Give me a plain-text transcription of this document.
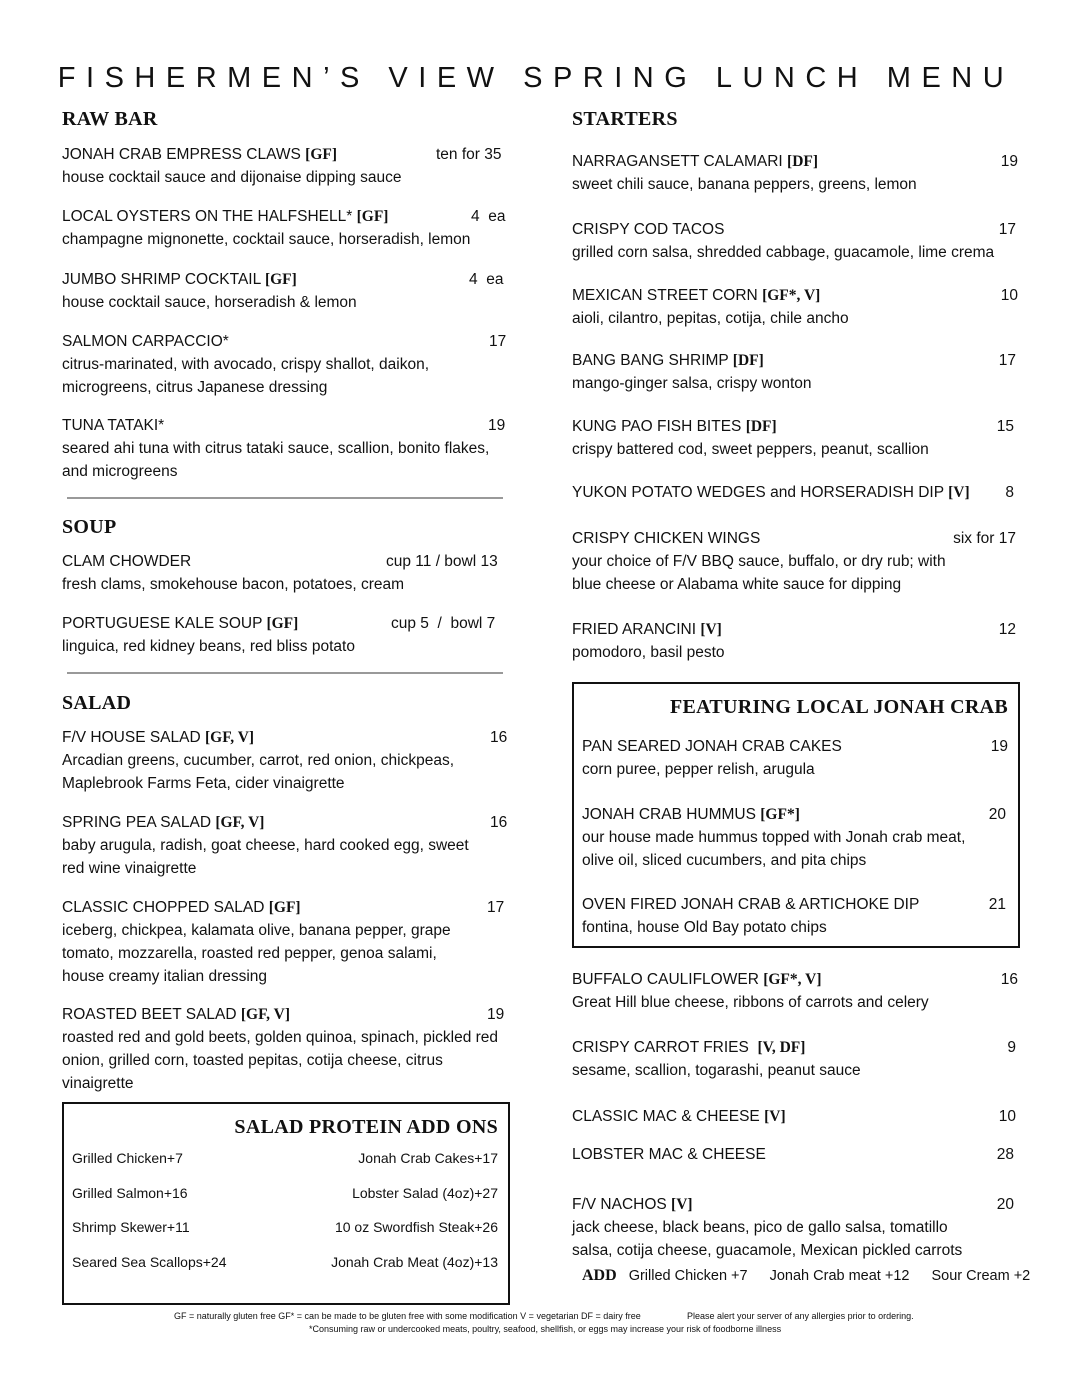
FISHERMEN’S VIEW SPRING LUNCH MENU
RAW BAR
JONAH CRAB EMPRESS CLAWS [GF]	ten for 35
house cocktail sauce and dijonaise dipping sauce
LOCAL OYSTERS ON THE HALFSHELL* [GF]	4  ea
champagne mignonette, cocktail sauce, horseradish, lemon
JUMBO SHRIMP COCKTAIL [GF]	4  ea
house cocktail sauce, horseradish & lemon
SALMON CARPACCIO*	17
citrus-marinated, with avocado, crispy shallot, daikon, microgreens, citrus Japanese dressing
TUNA TATAKI*	19
seared ahi tuna with citrus tataki sauce, scallion, bonito flakes, and microgreens
SOUP
CLAM CHOWDER	cup 11 / bowl 13
fresh clams, smokehouse bacon, potatoes, cream
PORTUGUESE KALE SOUP [GF]	cup 5  /  bowl 7
linguica, red kidney beans, red bliss potato
SALAD
F/V HOUSE SALAD [GF, V]	16
Arcadian greens, cucumber, carrot, red onion, chickpeas, Maplebrook Farms Feta, cider vinaigrette
SPRING PEA SALAD [GF, V]	16
baby arugula, radish, goat cheese, hard cooked egg, sweet red wine vinaigrette
CLASSIC CHOPPED SALAD [GF]	17
iceberg, chickpea, kalamata olive, banana pepper, grape tomato, mozzarella, roasted red pepper, genoa salami, house creamy italian dressing
ROASTED BEET SALAD [GF, V]	19
roasted red and gold beets, golden quinoa, spinach, pickled red onion, grilled corn, toasted pepitas, cotija cheese, citrus vinaigrette
SALAD PROTEIN ADD ONS
Grilled Chicken+7
Grilled Salmon+16
Shrimp Skewer+11
Seared Sea Scallops+24
Jonah Crab Cakes+17
Lobster Salad (4oz)+27
10 oz Swordfish Steak+26
Jonah Crab Meat (4oz)+13
STARTERS
NARRAGANSETT CALAMARI [DF]	19
sweet chili sauce, banana peppers, greens, lemon
CRISPY COD TACOS	17
grilled corn salsa, shredded cabbage, guacamole, lime crema
MEXICAN STREET CORN [GF*, V]	10
aioli, cilantro, pepitas, cotija, chile ancho
BANG BANG SHRIMP [DF]	17
mango-ginger salsa, crispy wonton
KUNG PAO FISH BITES [DF]	15
crispy battered cod, sweet peppers, peanut, scallion
YUKON POTATO WEDGES and HORSERADISH DIP [V]	8
CRISPY CHICKEN WINGS	six for 17
your choice of F/V BBQ sauce, buffalo, or dry rub; with blue cheese or Alabama white sauce for dipping
FRIED ARANCINI [V]	12
pomodoro, basil pesto
FEATURING LOCAL JONAH CRAB
PAN SEARED JONAH CRAB CAKES	19
corn puree, pepper relish, arugula
JONAH CRAB HUMMUS [GF*]	20
our house made hummus topped with Jonah crab meat, olive oil, sliced cucumbers, and pita chips
OVEN FIRED JONAH CRAB & ARTICHOKE DIP	21
fontina, house Old Bay potato chips
BUFFALO CAULIFLOWER [GF*, V]	16
Great Hill blue cheese, ribbons of carrots and celery
CRISPY CARROT FRIES  [V, DF]	9
sesame, scallion, togarashi, peanut sauce
CLASSIC MAC & CHEESE [V]	10
LOBSTER MAC & CHEESE	28
F/V NACHOS [V]	20
jack cheese, black beans, pico de gallo salsa, tomatillo salsa, cotija cheese, guacamole, Mexican pickled carrots
ADD Grilled Chicken +7 Jonah Crab meat +12 Sour Cream +2
GF = naturally gluten free GF* = can be made to be gluten free with some modification V = vegetarian DF = dairy free	Please alert your server of any allergies prior to ordering.
*Consuming raw or undercooked meats, poultry, seafood, shellfish, or eggs may increase your risk of foodborne illness
